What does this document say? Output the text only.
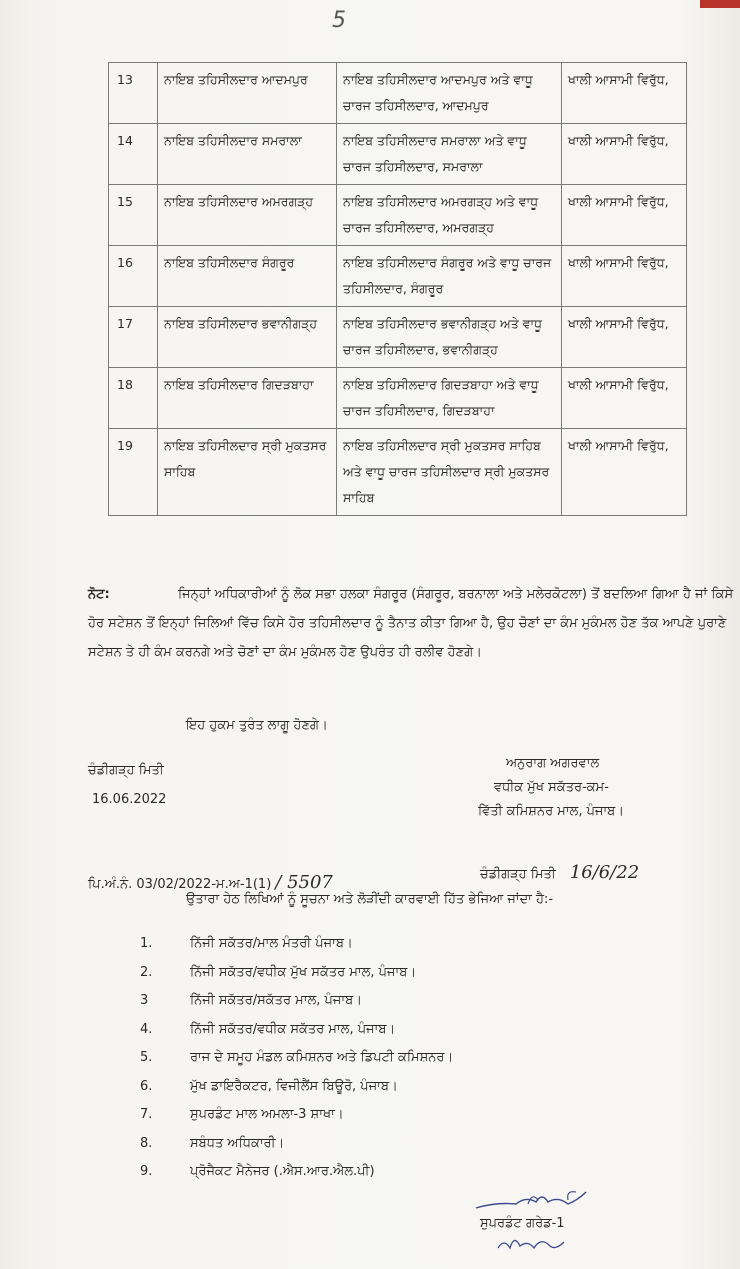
5
13	ਨਾਇਬ ਤਹਿਸੀਲਦਾਰ ਆਦਮਪੁਰ	ਨਾਇਬ ਤਹਿਸੀਲਦਾਰ ਆਦਮਪੁਰ ਅਤੇ ਵਾਧੂ ਚਾਰਜ ਤਹਿਸੀਲਦਾਰ, ਆਦਮਪੁਰ	ਖਾਲੀ ਆਸਾਮੀ ਵਿਰੁੱਧ,
14	ਨਾਇਬ ਤਹਿਸੀਲਦਾਰ ਸਮਰਾਲਾ	ਨਾਇਬ ਤਹਿਸੀਲਦਾਰ ਸਮਰਾਲਾ ਅਤੇ ਵਾਧੂ ਚਾਰਜ ਤਹਿਸੀਲਦਾਰ, ਸਮਰਾਲਾ	ਖਾਲੀ ਆਸਾਮੀ ਵਿਰੁੱਧ,
15	ਨਾਇਬ ਤਹਿਸੀਲਦਾਰ ਅਮਰਗੜ੍ਹ	ਨਾਇਬ ਤਹਿਸੀਲਦਾਰ ਅਮਰਗੜ੍ਹ ਅਤੇ ਵਾਧੂ ਚਾਰਜ ਤਹਿਸੀਲਦਾਰ, ਅਮਰਗੜ੍ਹ	ਖਾਲੀ ਆਸਾਮੀ ਵਿਰੁੱਧ,
16	ਨਾਇਬ ਤਹਿਸੀਲਦਾਰ ਸੰਗਰੂਰ	ਨਾਇਬ ਤਹਿਸੀਲਦਾਰ ਸੰਗਰੂਰ ਅਤੇ ਵਾਧੂ ਚਾਰਜ ਤਹਿਸੀਲਦਾਰ, ਸੰਗਰੂਰ	ਖਾਲੀ ਆਸਾਮੀ ਵਿਰੁੱਧ,
17	ਨਾਇਬ ਤਹਿਸੀਲਦਾਰ ਭਵਾਨੀਗੜ੍ਹ	ਨਾਇਬ ਤਹਿਸੀਲਦਾਰ ਭਵਾਨੀਗੜ੍ਹ ਅਤੇ ਵਾਧੂ ਚਾਰਜ ਤਹਿਸੀਲਦਾਰ, ਭਵਾਨੀਗੜ੍ਹ	ਖਾਲੀ ਆਸਾਮੀ ਵਿਰੁੱਧ,
18	ਨਾਇਬ ਤਹਿਸੀਲਦਾਰ ਗਿਦੜਬਾਹਾ	ਨਾਇਬ ਤਹਿਸੀਲਦਾਰ ਗਿਦੜਬਾਹਾ ਅਤੇ ਵਾਧੂ ਚਾਰਜ ਤਹਿਸੀਲਦਾਰ, ਗਿਦੜਬਾਹਾ	ਖਾਲੀ ਆਸਾਮੀ ਵਿਰੁੱਧ,
19	ਨਾਇਬ ਤਹਿਸੀਲਦਾਰ ਸ੍ਰੀ ਮੁਕਤਸਰ ਸਾਹਿਬ	ਨਾਇਬ ਤਹਿਸੀਲਦਾਰ ਸ੍ਰੀ ਮੁਕਤਸਰ ਸਾਹਿਬ ਅਤੇ ਵਾਧੂ ਚਾਰਜ ਤਹਿਸੀਲਦਾਰ ਸ੍ਰੀ ਮੁਕਤਸਰ ਸਾਹਿਬ	ਖਾਲੀ ਆਸਾਮੀ ਵਿਰੁੱਧ,
ਨੋਟ:	ਜਿਨ੍ਹਾਂ ਅਧਿਕਾਰੀਆਂ ਨੂੰ ਲੋਕ ਸਭਾ ਹਲਕਾ ਸੰਗਰੂਰ (ਸੰਗਰੂਰ, ਬਰਨਾਲਾ ਅਤੇ ਮਲੇਰਕੋਟਲਾ) ਤੋਂ ਬਦਲਿਆ ਗਿਆ ਹੈ ਜਾਂ ਕਿਸੇ ਹੋਰ ਸਟੇਸ਼ਨ ਤੋਂ ਇਨ੍ਹਾਂ ਜਿਲਿਆਂ ਵਿੱਚ ਕਿਸੇ ਹੋਰ ਤਹਿਸੀਲਦਾਰ ਨੂੰ ਤੈਨਾਤ ਕੀਤਾ ਗਿਆ ਹੈ, ਉਹ ਚੋਣਾਂ ਦਾ ਕੰਮ ਮੁਕੰਮਲ ਹੋਣ ਤੱਕ ਆਪਣੇ ਪੁਰਾਣੇ ਸਟੇਸ਼ਨ ਤੇ ਹੀ ਕੰਮ ਕਰਨਗੇ ਅਤੇ ਚੋਣਾਂ ਦਾ ਕੰਮ ਮੁਕੰਮਲ ਹੋਣ ਉਪਰੰਤ ਹੀ ਰਲੀਵ ਹੋਣਗੇ।
ਇਹ ਹੁਕਮ ਤੁਰੰਤ ਲਾਗੂ ਹੋਣਗੇ।
ਚੰਡੀਗੜ੍ਹ ਮਿਤੀ
16.06.2022
ਅਨੁਰਾਗ ਅਗਰਵਾਲ
ਵਧੀਕ ਮੁੱਖ ਸਕੱਤਰ-ਕਮ-
ਵਿੱਤੀ ਕਮਿਸ਼ਨਰ ਮਾਲ, ਪੰਜਾਬ।
ਪਿ.ਅੰ.ਨੰ. 03/02/2022-ਮ.ਅ-1(1) / 5507	ਚੰਡੀਗੜ੍ਹ ਮਿਤੀ 16/6/22
ਉਤਾਰਾ ਹੇਠ ਲਿਖਿਆਂ ਨੂੰ ਸੂਚਨਾ ਅਤੇ ਲੋੜੀਂਦੀ ਕਾਰਵਾਈ ਹਿੱਤ ਭੇਜਿਆ ਜਾਂਦਾ ਹੈ:-
1.	ਨਿੱਜੀ ਸਕੱਤਰ/ਮਾਲ ਮੰਤਰੀ ਪੰਜਾਬ।
2.	ਨਿੱਜੀ ਸਕੱਤਰ/ਵਧੀਕ ਮੁੱਖ ਸਕੱਤਰ ਮਾਲ, ਪੰਜਾਬ।
3	ਨਿੱਜੀ ਸਕੱਤਰ/ਸਕੱਤਰ ਮਾਲ, ਪੰਜਾਬ।
4.	ਨਿੱਜੀ ਸਕੱਤਰ/ਵਧੀਕ ਸਕੱਤਰ ਮਾਲ, ਪੰਜਾਬ।
5.	ਰਾਜ ਦੇ ਸਮੂਹ ਮੰਡਲ ਕਮਿਸ਼ਨਰ ਅਤੇ ਡਿਪਟੀ ਕਮਿਸ਼ਨਰ।
6.	ਮੁੱਖ ਡਾਇਰੈਕਟਰ, ਵਿਜੀਲੈਂਸ ਬਿਊਰੋ, ਪੰਜਾਬ।
7.	ਸੁਪਰਡੰਟ ਮਾਲ ਅਮਲਾ-3 ਸ਼ਾਖਾ।
8.	ਸਬੰਧਤ ਅਧਿਕਾਰੀ।
9.	ਪ੍ਰੋਜੈਕਟ ਮੈਨੇਜਰ (.ਐਸ.ਆਰ.ਐਲ.ਪੀ)
ਸੁਪਰਡੰਟ ਗਰੇਡ-1
